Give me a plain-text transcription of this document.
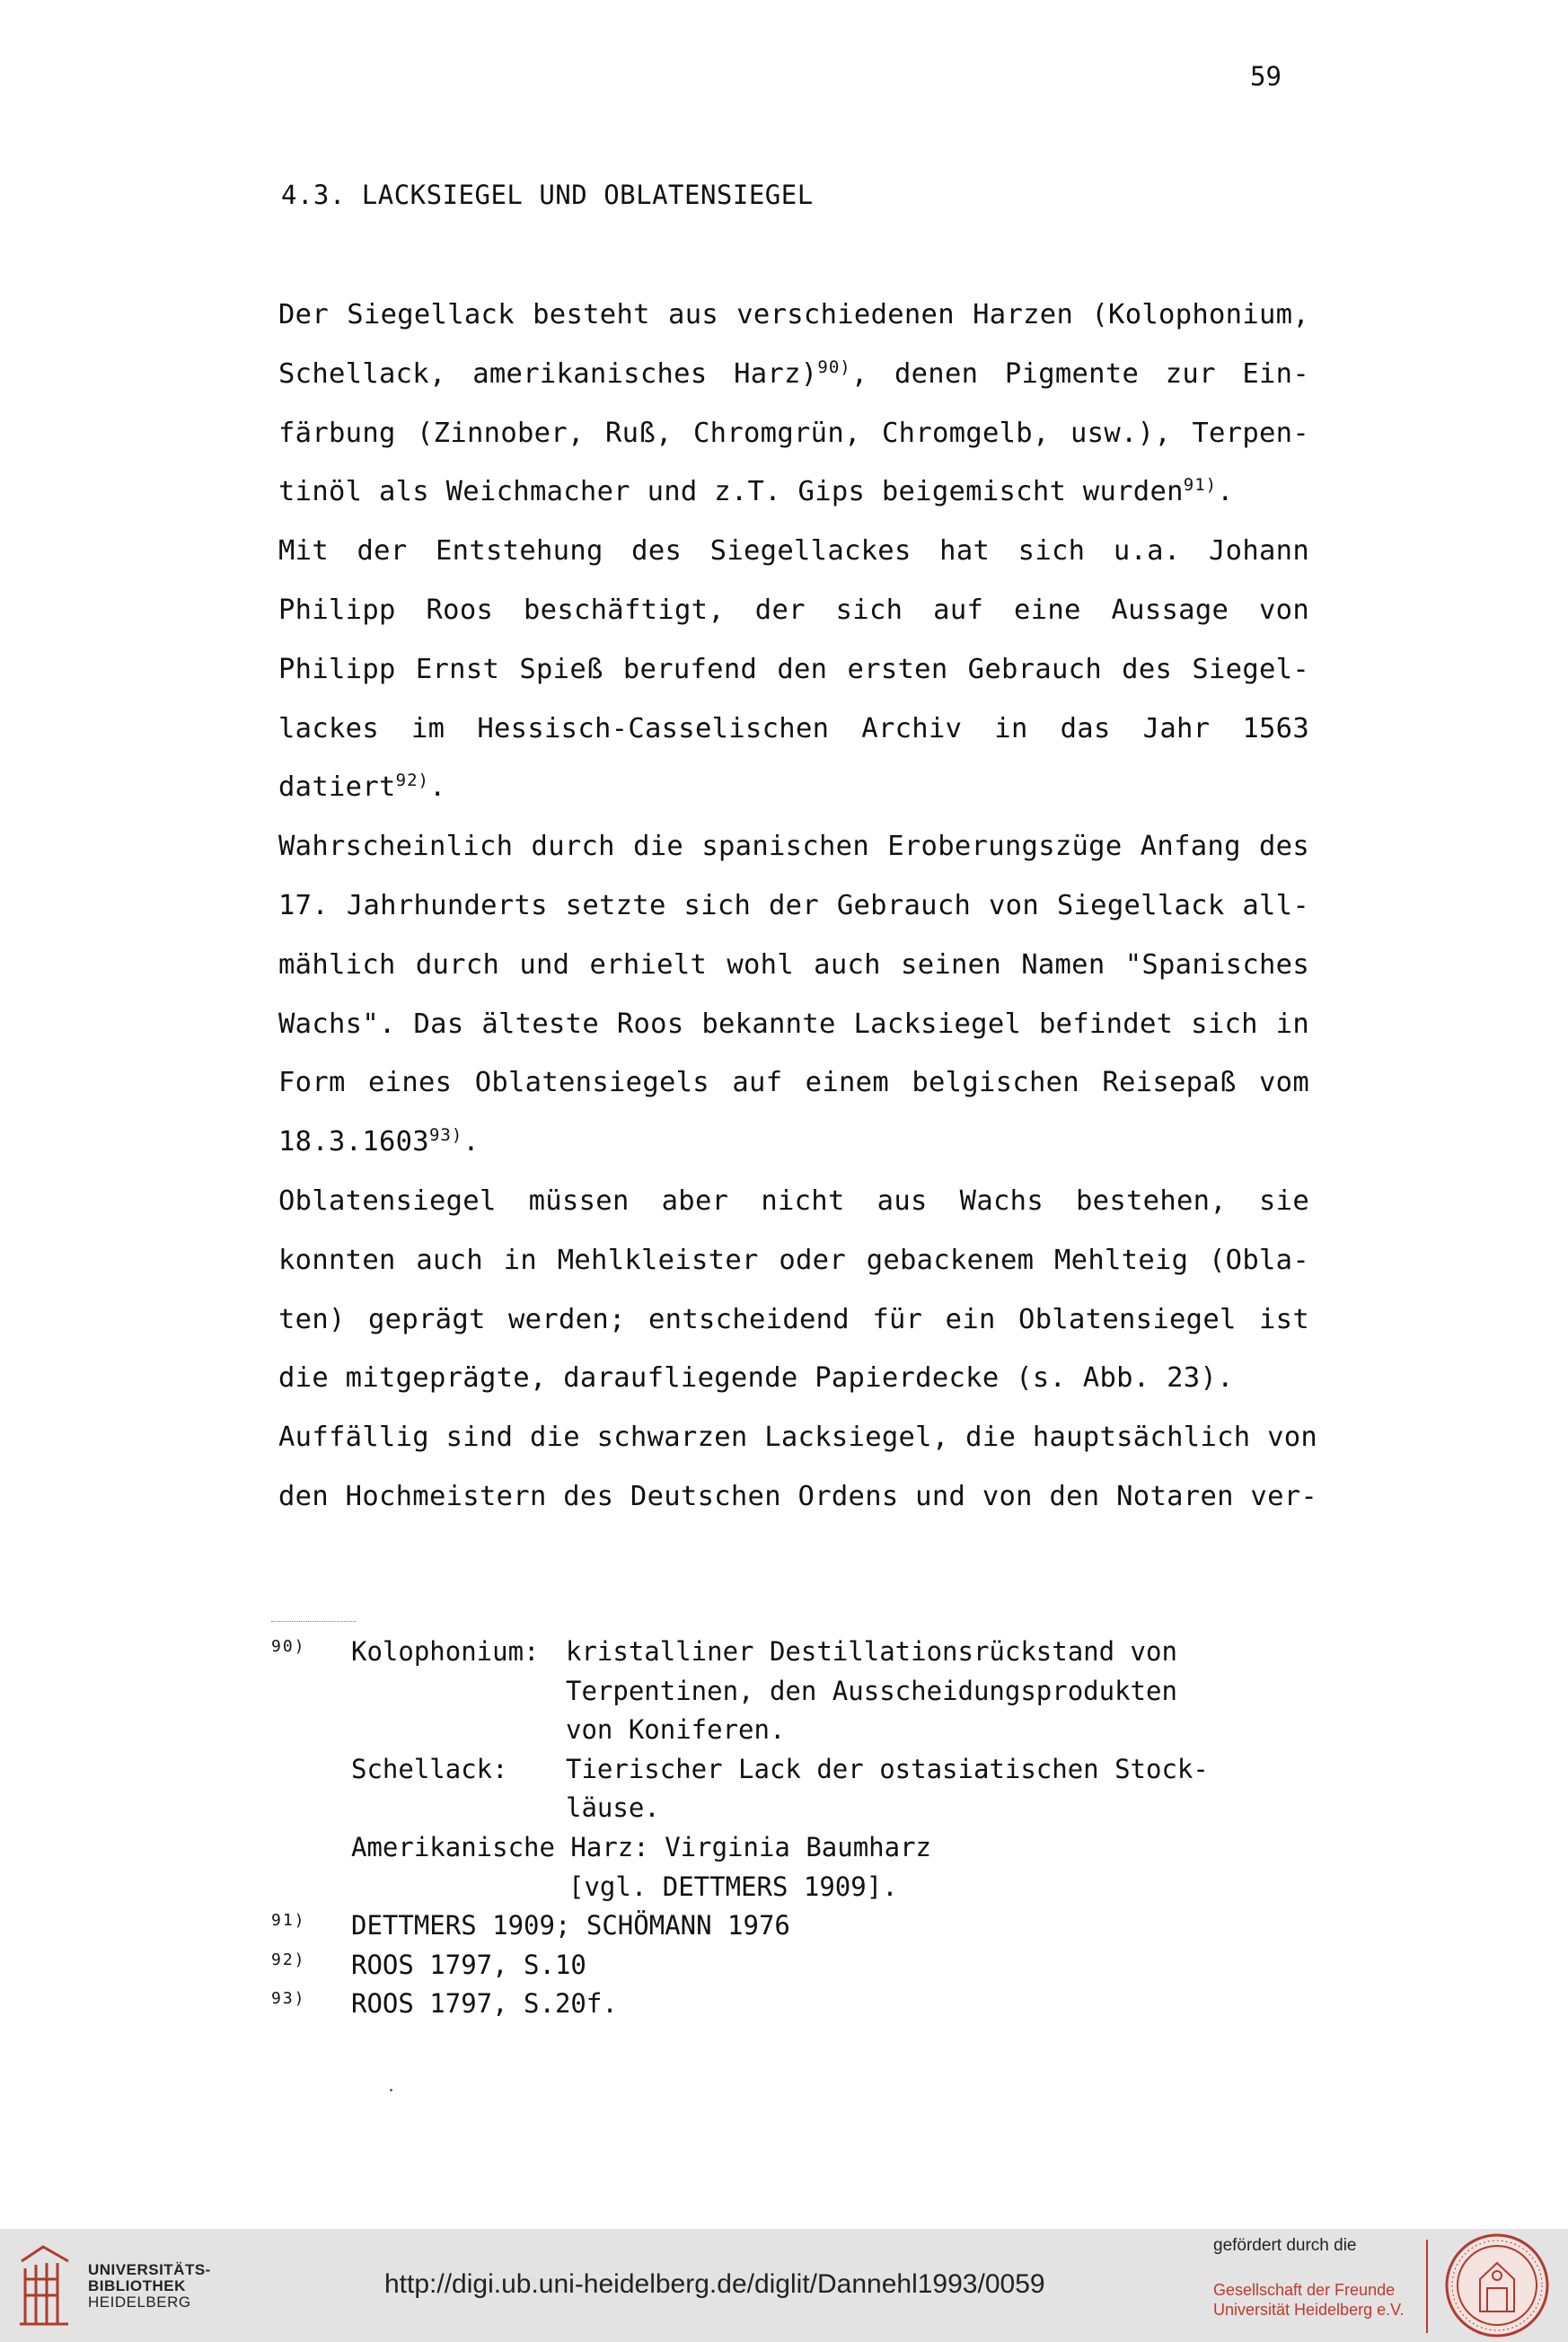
59
4.3. LACKSIEGEL UND OBLATENSIEGEL
Der Siegellack besteht aus verschiedenen Harzen (Kolophonium,
Schellack, amerikanisches Harz)$^{90)}$, denen Pigmente zur Ein-
färbung (Zinnober, Ruß, Chromgrün, Chromgelb, usw.), Terpen-
tinöl als Weichmacher und z.T. Gips beigemischt wurden$^{91)}$.
Mit der Entstehung des Siegellackes hat sich u.a. Johann
Philipp Roos beschäftigt, der sich auf eine Aussage von
Philipp Ernst Spieß berufend den ersten Gebrauch des Siegel-
lackes im Hessisch-Casselischen Archiv in das Jahr 1563
datiert$^{92)}$.
Wahrscheinlich durch die spanischen Eroberungszüge Anfang des
17. Jahrhunderts setzte sich der Gebrauch von Siegellack all-
mählich durch und erhielt wohl auch seinen Namen "Spanisches
Wachs". Das älteste Roos bekannte Lacksiegel befindet sich in
Form eines Oblatensiegels auf einem belgischen Reisepaß vom
18.3.1603$^{93)}$.
Oblatensiegel müssen aber nicht aus Wachs bestehen, sie
konnten auch in Mehlkleister oder gebackenem Mehlteig (Obla-
ten) geprägt werden; entscheidend für ein Oblatensiegel ist
die mitgeprägte, daraufliegende Papierdecke (s. Abb. 23).
Auffällig sind die schwarzen Lacksiegel, die hauptsächlich von
den Hochmeistern des Deutschen Ordens und von den Notaren ver-
90) Kolophonium: kristalliner Destillationsrückstand von
Terpentinen, den Ausscheidungsprodukten
von Koniferen.
Schellack: Tierischer Lack der ostasiatischen Stock-
läuse.
Amerikanische Harz: Virginia Baumharz
[vgl. DETTMERS 1909].
91) DETTMERS 1909; SCHÖMANN 1976
92) ROOS 1797, S.10
93) ROOS 1797, S.20f.
UNIVERSITÄTS-
BIBLIOTHEK
HEIDELBERG
http://digi.ub.uni-heidelberg.de/diglit/Dannehl1993/0059
gefördert durch die
Gesellschaft der Freunde
Universität Heidelberg e.V.
